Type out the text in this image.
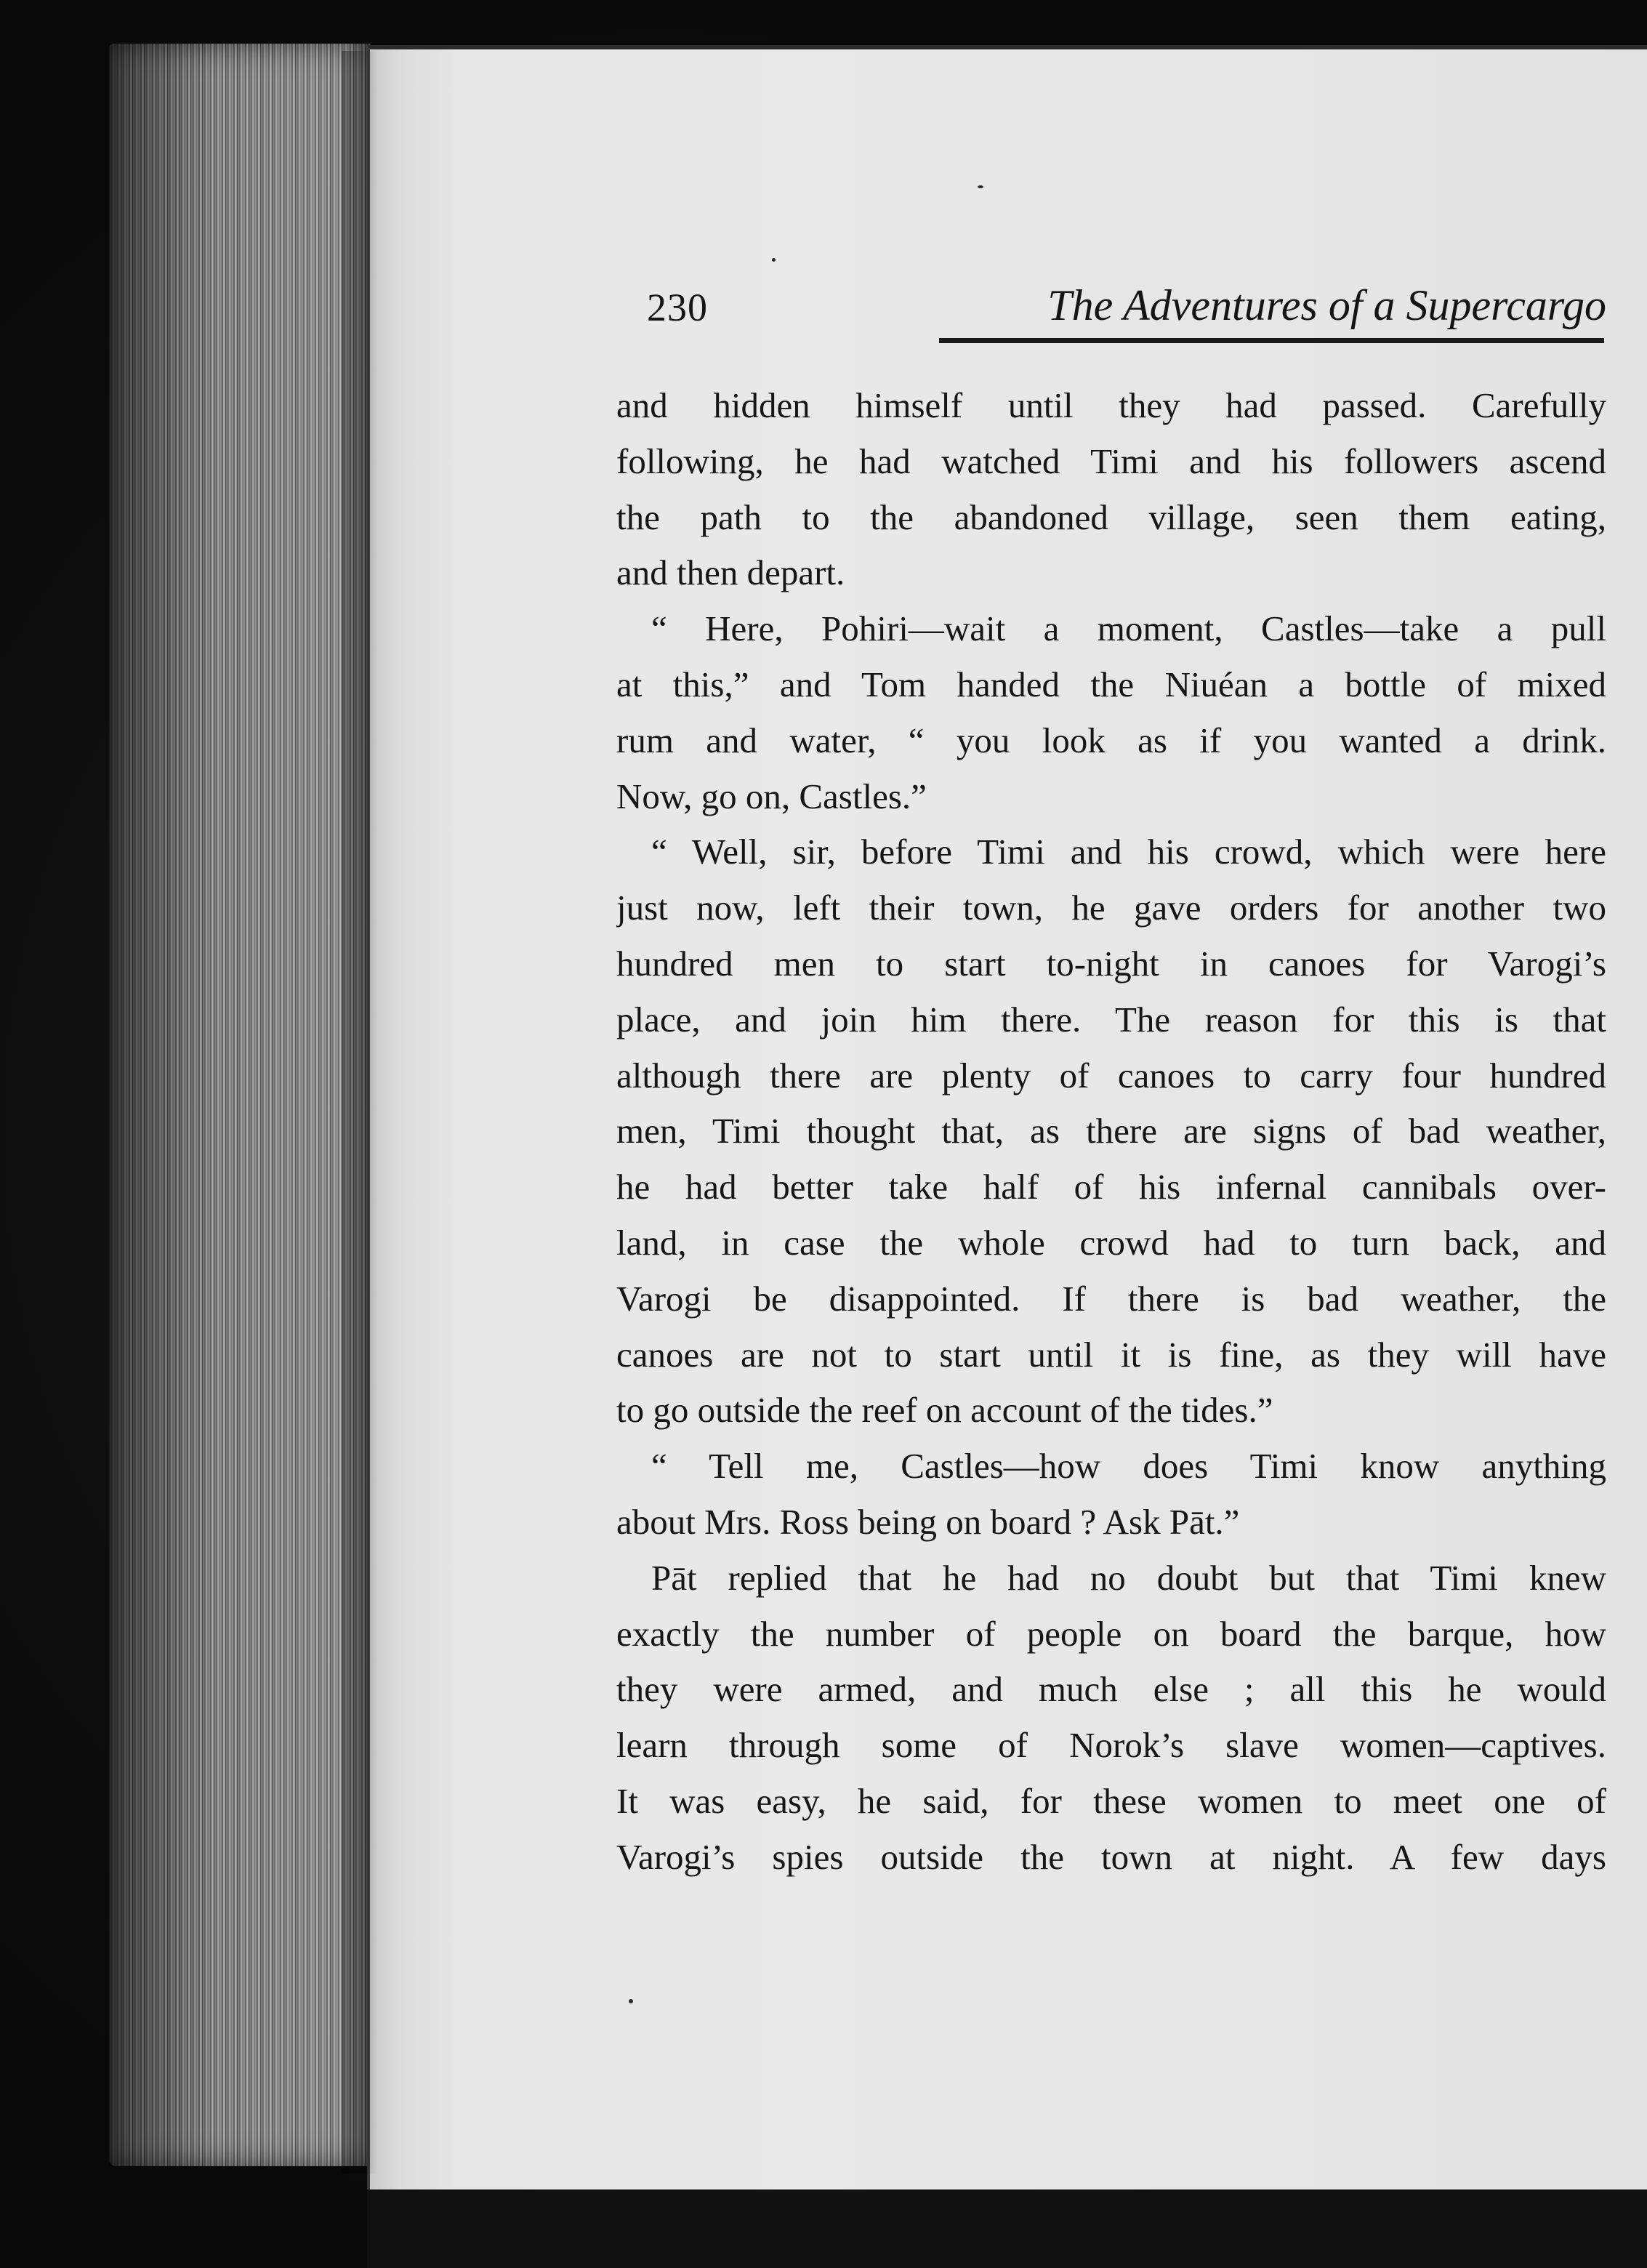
230	The Adventures of a Supercargo
and hidden himself until they had passed. Carefully
following, he had watched Timi and his followers ascend
the path to the abandoned village, seen them eating,
and then depart.
“ Here, Pohiri—wait a moment, Castles—take a pull
at this,” and Tom handed the Niuéan a bottle of mixed
rum and water, “ you look as if you wanted a drink.
Now, go on, Castles.”
“ Well, sir, before Timi and his crowd, which were here
just now, left their town, he gave orders for another two
hundred men to start to-night in canoes for Varogi’s
place, and join him there. The reason for this is that
although there are plenty of canoes to carry four hundred
men, Timi thought that, as there are signs of bad weather,
he had better take half of his infernal cannibals over-
land, in case the whole crowd had to turn back, and
Varogi be disappointed. If there is bad weather, the
canoes are not to start until it is fine, as they will have
to go outside the reef on account of the tides.”
“ Tell me, Castles—how does Timi know anything
about Mrs. Ross being on board ? Ask Pāt.”
Pāt replied that he had no doubt but that Timi knew
exactly the number of people on board the barque, how
they were armed, and much else ; all this he would
learn through some of Norok’s slave women—captives.
It was easy, he said, for these women to meet one of
Varogi’s spies outside the town at night. A few days
